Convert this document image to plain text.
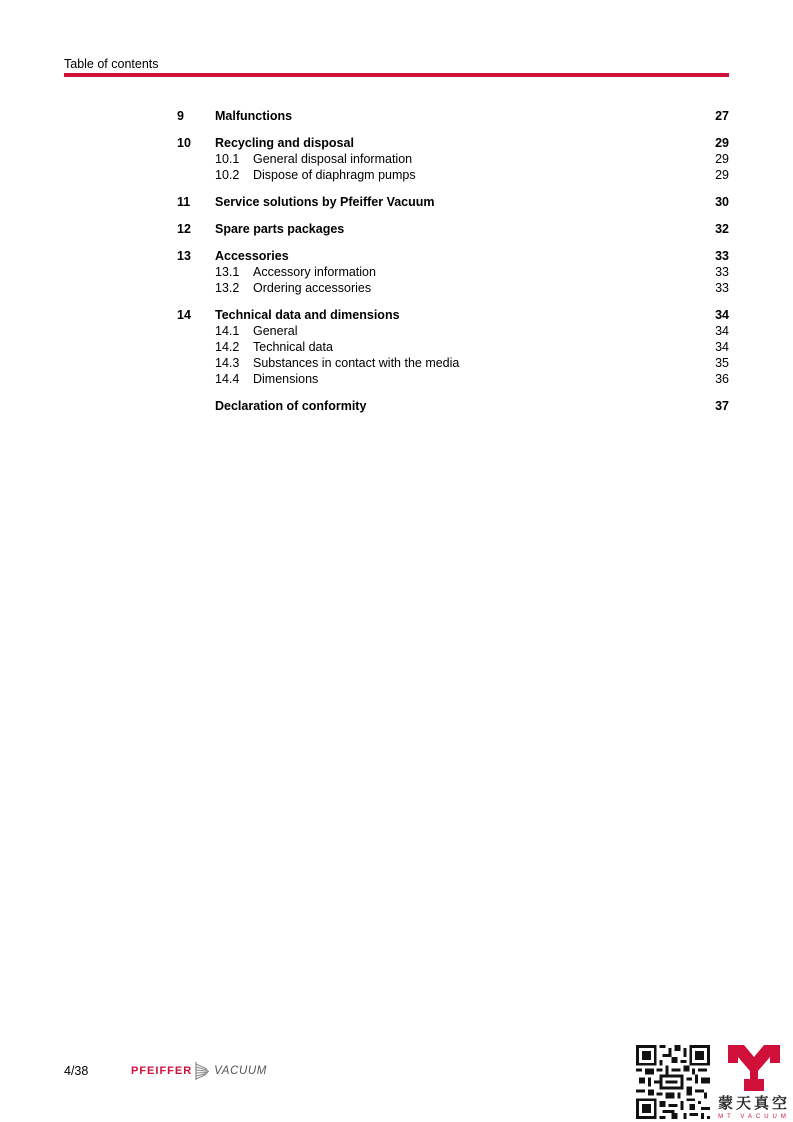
Table of contents
9 Malfunctions	27
10 Recycling and disposal	29
10.1 General disposal information	29
10.2 Dispose of diaphragm pumps	29
11 Service solutions by Pfeiffer Vacuum	30
12 Spare parts packages	32
13 Accessories	33
13.1 Accessory information	33
13.2 Ordering accessories	33
14 Technical data and dimensions	34
14.1 General	34
14.2 Technical data	34
14.3 Substances in contact with the media	35
14.4 Dimensions	36
Declaration of conformity	37
4/38	PFEIFFER VACUUM
蒙天真空
MT VACUUM
